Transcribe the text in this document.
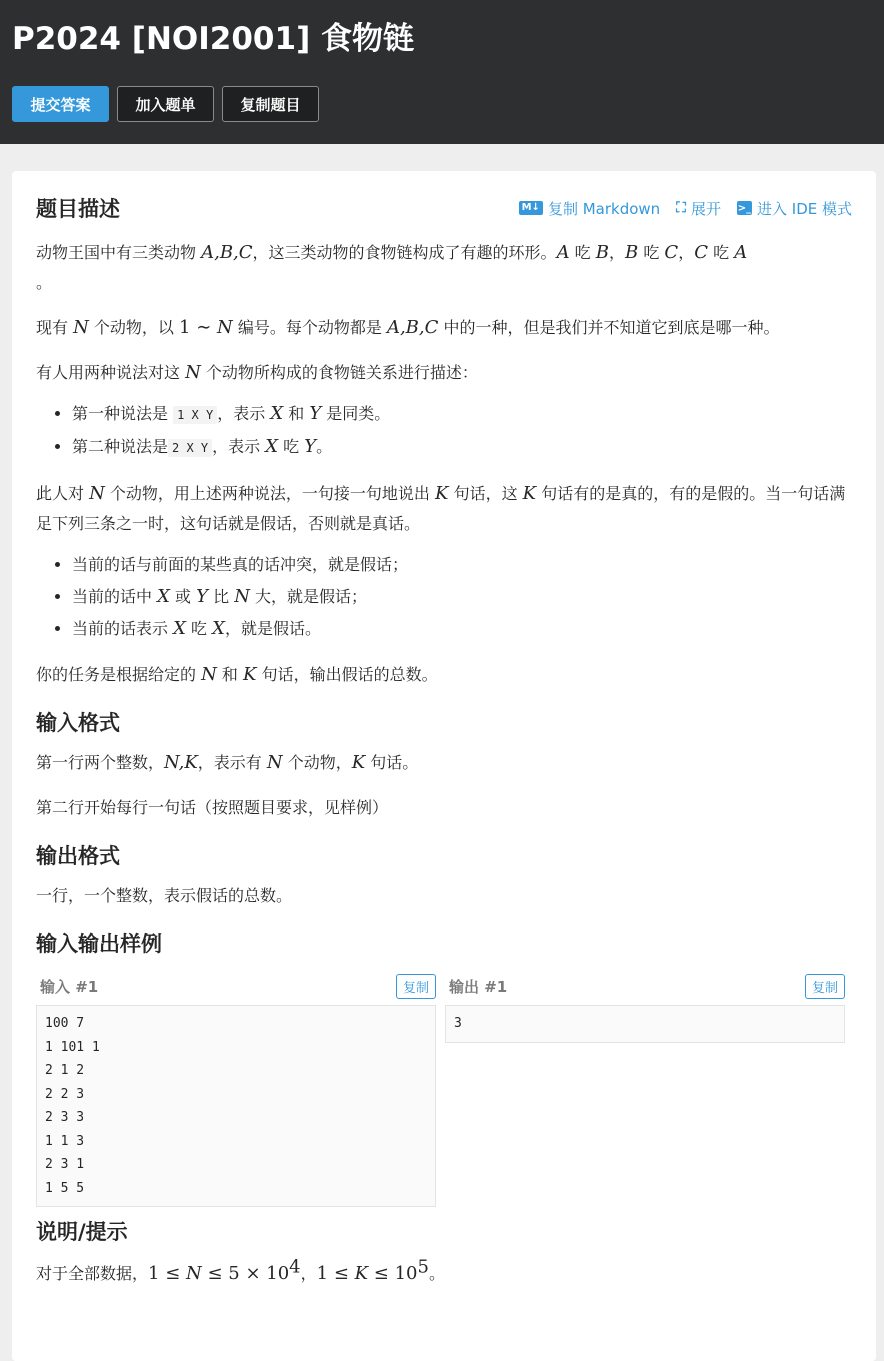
P2024 [NOI2001] 食物链
提交答案	加入题单	复制题目
题目描述	M↓ 复制 Markdown ⛶ 展开 >_ 进入 IDE 模式

动物王国中有三类动物 A,B,C，这三类动物的食物链构成了有趣的环形。A 吃 B，B 吃 C，C 吃 A
。

现有 N 个动物，以 1 ∼ N 编号。每个动物都是 A,B,C 中的一种，但是我们并不知道它到底是哪一种。

有人用两种说法对这 N 个动物所构成的食物链关系进行描述：

• 第一种说法是 1 X Y ，表示 X 和 Y 是同类。
• 第二种说法是 2 X Y ，表示 X 吃 Y。

此人对 N 个动物，用上述两种说法，一句接一句地说出 K 句话，这 K 句话有的是真的，有的是假的。当一句话满足下列三条之一时，这句话就是假话，否则就是真话。

• 当前的话与前面的某些真的话冲突，就是假话；
• 当前的话中 X 或 Y 比 N 大，就是假话；
• 当前的话表示 X 吃 X，就是假话。

你的任务是根据给定的 N 和 K 句话，输出假话的总数。

输入格式

第一行两个整数，N,K，表示有 N 个动物，K 句话。

第二行开始每行一句话（按照题目要求，见样例）

输出格式

一行，一个整数，表示假话的总数。

输入输出样例
输入 #1	复制
100 7
1 101 1
2 1 2
2 2 3
2 3 3
1 1 3
2 3 1
1 5 5
输出 #1	复制
3
说明/提示

对于全部数据，$1 \le N \le 5 \times 10^4$，$1 \le K \le 10^5$。
